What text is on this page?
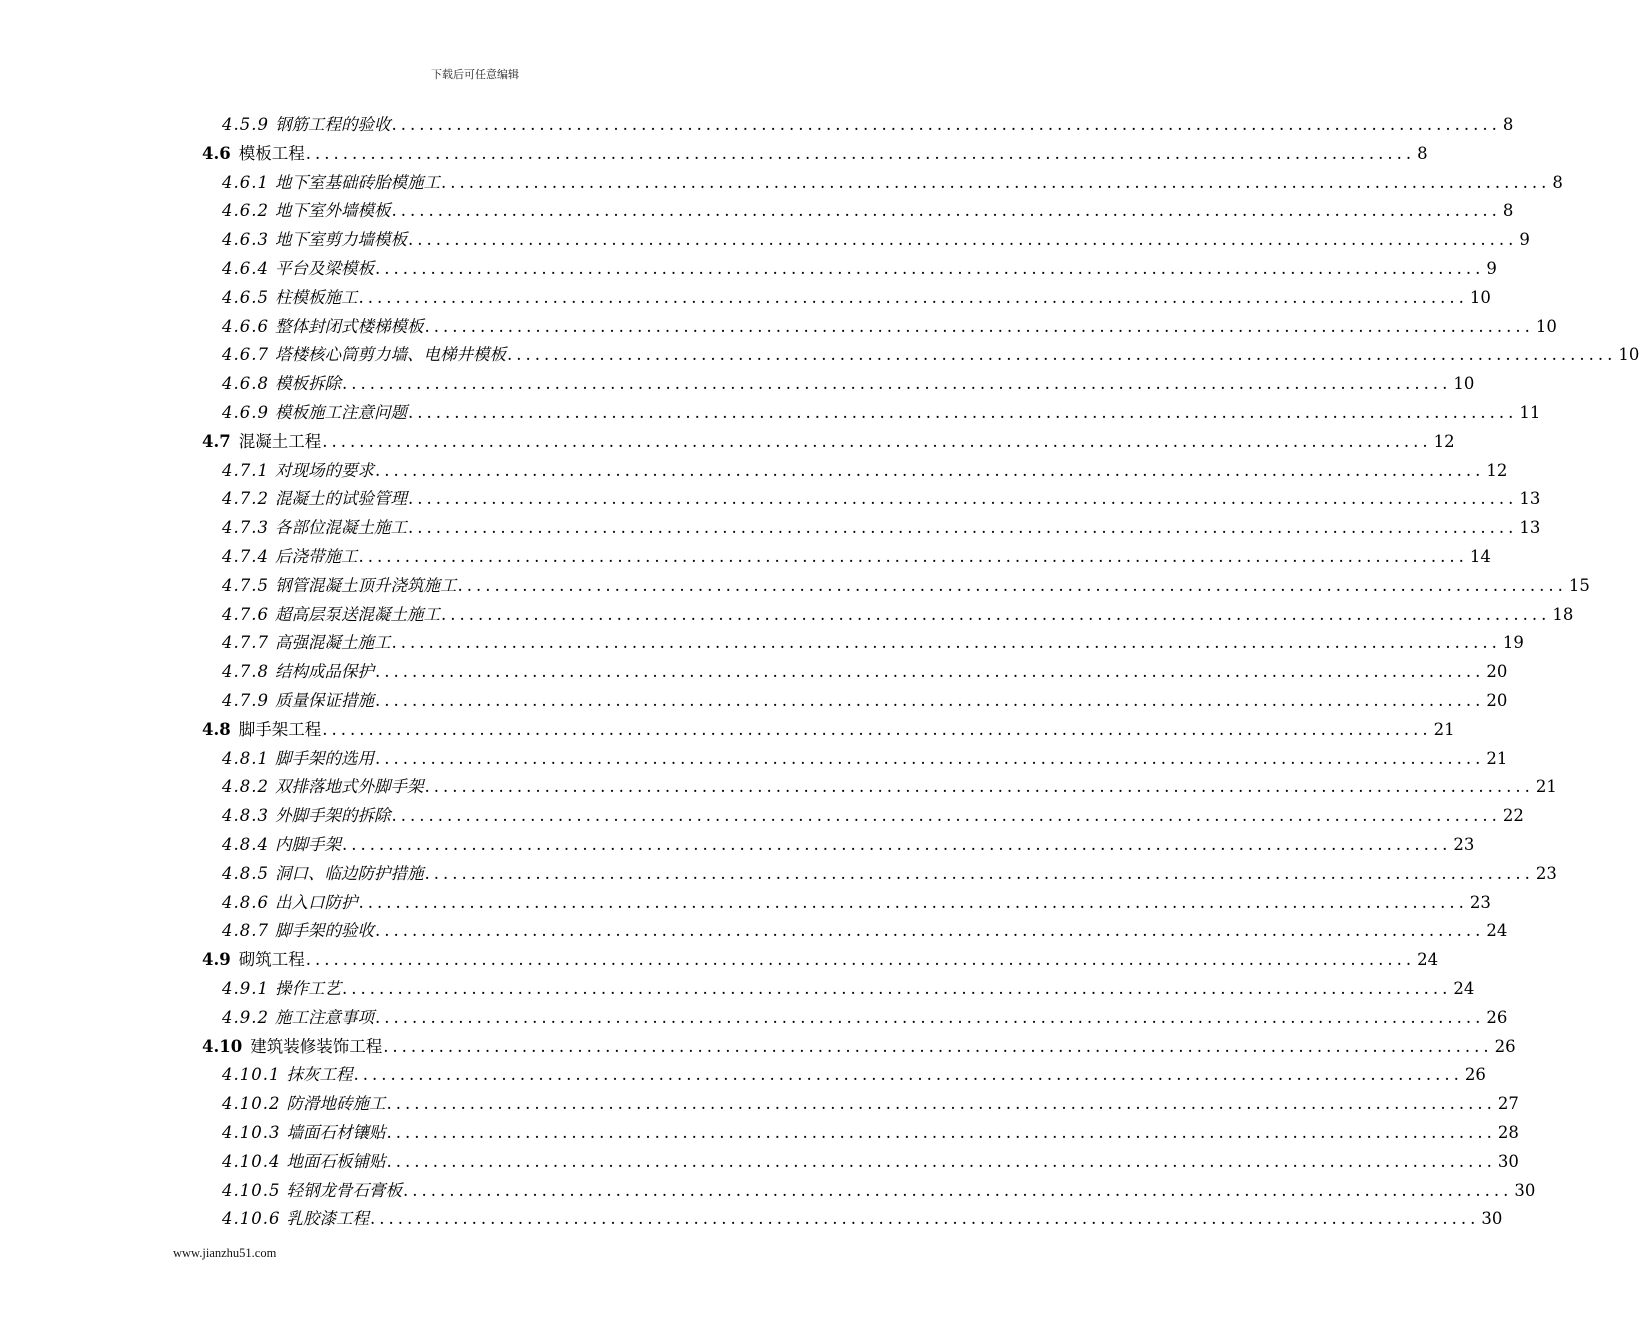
下载后可任意编辑
4.5.9 钢筋工程的验收 ........................................................................................................................ 8
4.6 模板工程 ........................................................................................................................ 8
4.6.1 地下室基础砖胎模施工 ........................................................................................................................ 8
4.6.2 地下室外墙模板 ........................................................................................................................ 8
4.6.3 地下室剪力墙模板 ........................................................................................................................ 9
4.6.4 平台及梁模板 ........................................................................................................................ 9
4.6.5 柱模板施工 ........................................................................................................................ 10
4.6.6 整体封闭式楼梯模板 ........................................................................................................................ 10
4.6.7 塔楼核心筒剪力墙、电梯井模板 ........................................................................................................................ 10
4.6.8 模板拆除 ........................................................................................................................ 10
4.6.9 模板施工注意问题 ........................................................................................................................ 11
4.7 混凝土工程 ........................................................................................................................ 12
4.7.1 对现场的要求 ........................................................................................................................ 12
4.7.2 混凝土的试验管理 ........................................................................................................................ 13
4.7.3 各部位混凝土施工 ........................................................................................................................ 13
4.7.4 后浇带施工 ........................................................................................................................ 14
4.7.5 钢管混凝土顶升浇筑施工 ........................................................................................................................ 15
4.7.6 超高层泵送混凝土施工 ........................................................................................................................ 18
4.7.7 高强混凝土施工 ........................................................................................................................ 19
4.7.8 结构成品保护 ........................................................................................................................ 20
4.7.9 质量保证措施 ........................................................................................................................ 20
4.8 脚手架工程 ........................................................................................................................ 21
4.8.1 脚手架的选用 ........................................................................................................................ 21
4.8.2 双排落地式外脚手架 ........................................................................................................................ 21
4.8.3 外脚手架的拆除 ........................................................................................................................ 22
4.8.4 内脚手架 ........................................................................................................................ 23
4.8.5 洞口、临边防护措施 ........................................................................................................................ 23
4.8.6 出入口防护 ........................................................................................................................ 23
4.8.7 脚手架的验收 ........................................................................................................................ 24
4.9 砌筑工程 ........................................................................................................................ 24
4.9.1 操作工艺 ........................................................................................................................ 24
4.9.2 施工注意事项 ........................................................................................................................ 26
4.10 建筑装修装饰工程 ........................................................................................................................ 26
4.10.1 抹灰工程 ........................................................................................................................ 26
4.10.2 防滑地砖施工 ........................................................................................................................ 27
4.10.3 墙面石材镶贴 ........................................................................................................................ 28
4.10.4 地面石板铺贴 ........................................................................................................................ 30
4.10.5 轻钢龙骨石膏板 ........................................................................................................................ 30
4.10.6 乳胶漆工程 ........................................................................................................................ 30
www.jianzhu51.com
